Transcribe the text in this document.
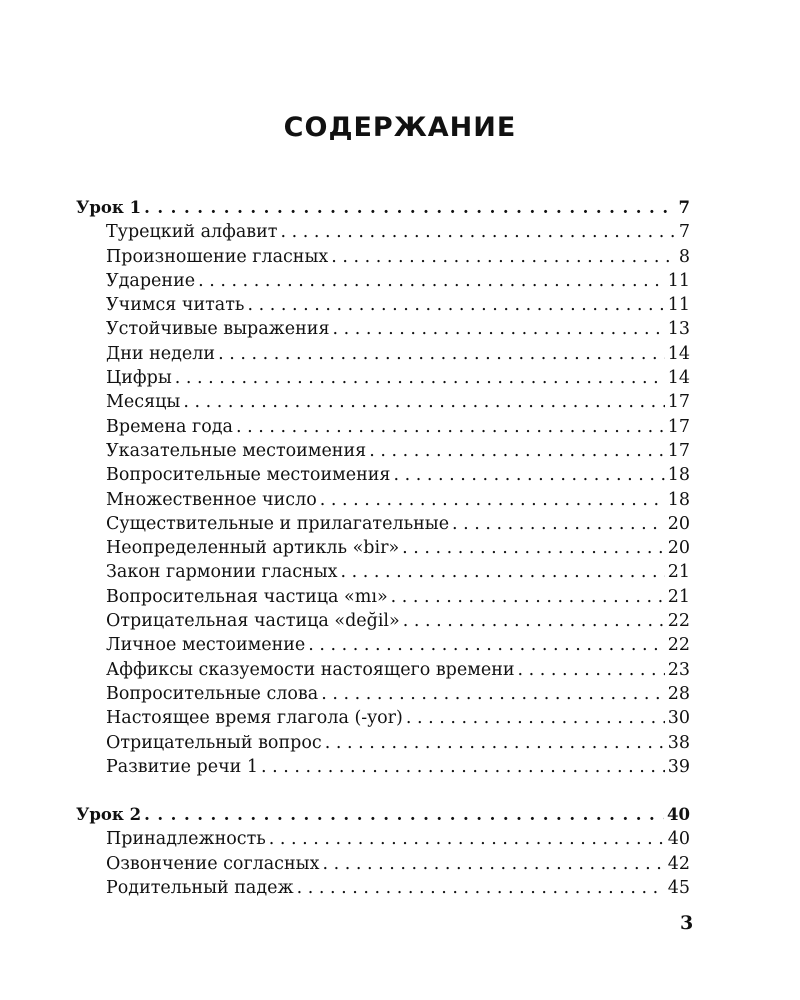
СОДЕРЖАНИЕ
Урок 1 . . .	7
Турецкий алфавит . . .	7
Произношение гласных . . .	8
Ударение . . .	11
Учимся читать . . .	11
Устойчивые выражения . . .	13
Дни недели . . .	14
Цифры . . .	14
Месяцы . . .	17
Времена года . . .	17
Указательные местоимения . . .	17
Вопросительные местоимения . . .	18
Множественное число . . .	18
Существительные и прилагательные . . .	20
Неопределенный артикль «bir» . . .	20
Закон гармонии гласных . . .	21
Вопросительная частица «mı» . . .	21
Отрицательная частица «değil» . . .	22
Личное местоимение . . .	22
Аффиксы сказуемости настоящего времени . . .	23
Вопросительные слова . . .	28
Настоящее время глагола (-yor) . . .	30
Отрицательный вопрос . . .	38
Развитие речи 1 . . .	39
Урок 2 . . .	40
Принадлежность . . .	40
Озвончение согласных . . .	42
Родительный падеж . . .	45
3
